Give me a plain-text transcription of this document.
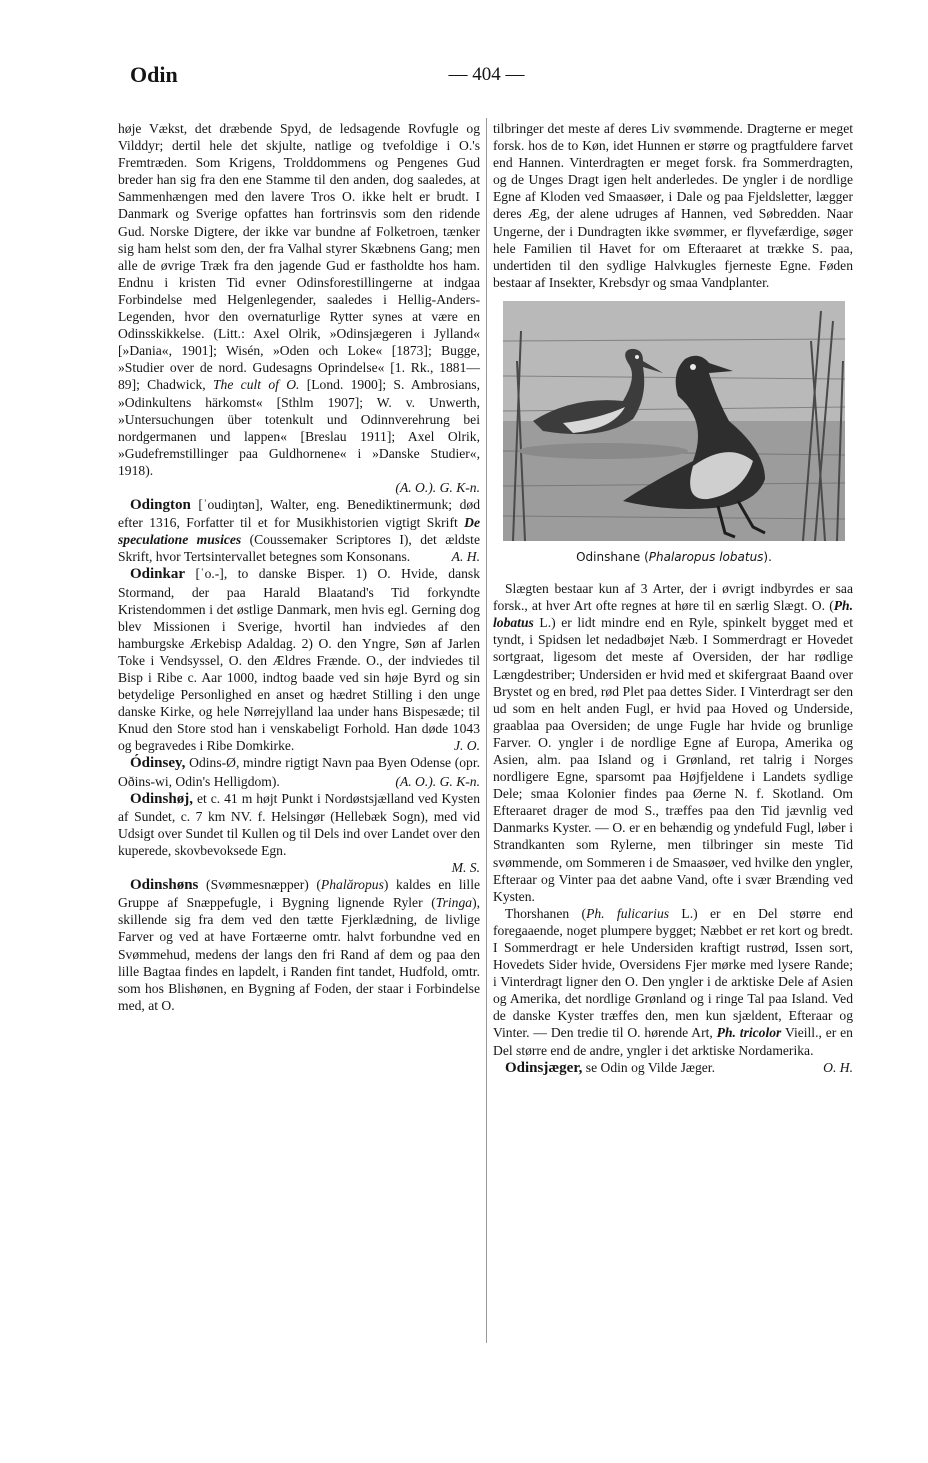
Odin	— 404 —

høje Vækst, det dræbende Spyd, de ledsagende Rovfugle og Vilddyr; dertil hele det skjulte, natlige og tvefoldige i O.'s Fremtræden. Som Krigens, Trolddommens og Pengenes Gud breder han sig fra den ene Stamme til den anden, dog saaledes, at Sammenhængen med den lavere Tros O. ikke helt er brudt. I Danmark og Sverige opfattes han fortrinsvis som den ridende Gud. Norske Digtere, der ikke var bundne af Folketroen, tænker sig ham helst som den, der fra Valhal styrer Skæbnens Gang; men alle de øvrige Træk fra den jagende Gud er fastholdte hos ham. Endnu i kristen Tid evner Odinsforestillingerne at indgaa Forbindelse med Helgenlegender, saaledes i Hellig-Anders-Legenden, hvor den overnaturlige Rytter synes at være en Odinsskikkelse. (Litt.: Axel Olrik, »Odinsjægeren i Jylland« [»Dania«, 1901]; Wisén, »Oden och Loke« [1873]; Bugge, »Studier over de nord. Gudesagns Oprindelse« [1. Rk., 1881—89]; Chadwick, The cult of O. [Lond. 1900]; S. Ambrosians, »Odinkultens härkomst« [Sthlm 1907]; W. v. Unwerth, »Untersuchungen über totenkult und Odinnverehrung bei nordgermanen und lappen« [Breslau 1911]; Axel Olrik, »Gudefremstillinger paa Guldhornene« i »Danske Studier«, 1918).

(A. O.). G. K-n.

Odington [ˈoudiŋtən], Walter, eng. Benediktinermunk; død efter 1316, Forfatter til et for Musikhistorien vigtigt Skrift De speculatione musices (Coussemaker Scriptores I), det ældste Skrift, hvor Tertsintervallet betegnes som Konsonans.	A. H.

Odinkar [ˈo.-], to danske Bisper. 1) O. Hvide, dansk Stormand, der paa Harald Blaatand's Tid forkyndte Kristendommen i det østlige Danmark, men hvis egl. Gerning dog blev Missionen i Sverige, hvortil han indviedes af den hamburgske Ærkebisp Adaldag. 2) O. den Yngre, Søn af Jarlen Toke i Vendsyssel, O. den Ældres Frænde. O., der indviedes til Bisp i Ribe c. Aar 1000, indtog baade ved sin høje Byrd og sin betydelige Personlighed en anset og hædret Stilling i den unge danske Kirke, og hele Nørrejylland laa under hans Bispesæde; til Knud den Store stod han i venskabeligt Forhold. Han døde 1043 og begravedes i Ribe Domkirke.	J. O.

Ódinsey, Odins-Ø, mindre rigtigt Navn paa Byen Odense (opr. Oðins-wi, Odin's Helligdom).	(A. O.). G. K-n.

Odinshøj, et c. 41 m højt Punkt i Nordøstsjælland ved Kysten af Sundet, c. 7 km NV. f. Helsingør (Hellebæk Sogn), med vid Udsigt over Sundet til Kullen og til Dels ind over Landet over den kuperede, skovbevoksede Egn.

M. S.

Odinshøns (Svømmesnæpper) (Phalăropus) kaldes en lille Gruppe af Snæppefugle, i Bygning lignende Ryler (Tringa), skillende sig fra dem ved den tætte Fjerklædning, de livlige Farver og ved at have Fortæerne omtr. halvt forbundne ved en Svømmehud, medens der langs den fri Rand af dem og paa den lille Bagtaa findes en lapdelt, i Randen fint tandet, Hudfold, omtr. som hos Blishønen, en Bygning af Foden, der staar i Forbindelse med, at O.

tilbringer det meste af deres Liv svømmende. Dragterne er meget forsk. hos de to Køn, idet Hunnen er større og pragtfuldere farvet end Hannen. Vinterdragten er meget forsk. fra Sommerdragten, og de Unges Dragt igen helt anderledes. De yngler i de nordlige Egne af Kloden ved Smaasøer, i Dale og paa Fjeldsletter, lægger deres Æg, der alene udruges af Hannen, ved Søbredden. Naar Ungerne, der i Dundragten ikke svømmer, er flyvefærdige, søger hele Familien til Havet for om Efteraaret at trække S. paa, undertiden til den sydlige Halvkugles fjerneste Egne. Føden bestaar af Insekter, Krebsdyr og smaa Vandplanter.

Odinshane (Phalaropus lobatus).

Slægten bestaar kun af 3 Arter, der i øvrigt indbyrdes er saa forsk., at hver Art ofte regnes at høre til en særlig Slægt. O. (Ph. lobatus L.) er lidt mindre end en Ryle, spinkelt bygget med et tyndt, i Spidsen let nedadbøjet Næb. I Sommerdragt er Hovedet sortgraat, ligesom det meste af Oversiden, der har rødlige Længdestriber; Undersiden er hvid med et skifergraat Baand over Brystet og en bred, rød Plet paa dettes Sider. I Vinterdragt ser den ud som en helt anden Fugl, er hvid paa Hoved og Underside, graablaa paa Oversiden; de unge Fugle har hvide og brunlige Farver. O. yngler i de nordlige Egne af Europa, Amerika og Asien, alm. paa Island og i Grønland, ret talrig i Norges nordligere Egne, sparsomt paa Højfjeldene i Landets sydlige Dele; smaa Kolonier findes paa Øerne N. f. Skotland. Om Efteraaret drager de mod S., træffes paa den Tid jævnlig ved Danmarks Kyster. — O. er en behændig og yndefuld Fugl, løber i Strandkanten som Rylerne, men tilbringer sin meste Tid svømmende, om Sommeren i de Smaasøer, ved hvilke den yngler, Efteraar og Vinter paa det aabne Vand, ofte i svær Brænding ved Kysten.

Thorshanen (Ph. fulicarius L.) er en Del større end foregaaende, noget plumpere bygget; Næbbet er ret kort og bredt. I Sommerdragt er hele Undersiden kraftigt rustrød, Issen sort, Hovedets Sider hvide, Oversidens Fjer mørke med lysere Rande; i Vinterdragt ligner den O. Den yngler i de arktiske Dele af Asien og Amerika, det nordlige Grønland og i ringe Tal paa Island. Ved de danske Kyster træffes den, men kun sjældent, Efteraar og Vinter. — Den tredie til O. hørende Art, Ph. tricolor Vieill., er en Del større end de andre, yngler i det arktiske Nordamerika.
O. H.

Odinsjæger, se Odin og Vilde Jæger.
